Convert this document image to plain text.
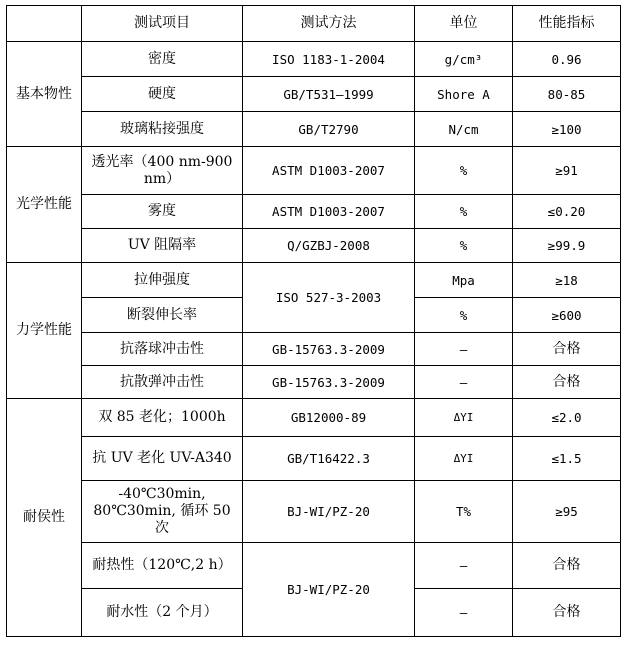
	测试项目	测试方法	单位	性能指标
基本物性	密度	ISO 1183-1-2004	g/cm³	0.96
	硬度	GB/T531—1999	Shore A	80-85
	玻璃粘接强度	GB/T2790	N/cm	≥100
光学性能	透光率（400 nm-900 nm）	ASTM D1003-2007	%	≥91
	雾度	ASTM D1003-2007	%	≤0.20
	UV 阻隔率	Q/GZBJ-2008	%	≥99.9
力学性能	拉伸强度	ISO 527-3-2003	Mpa	≥18
	断裂伸长率		%	≥600
	抗落球冲击性	GB-15763.3-2009	—	合格
	抗散弹冲击性	GB-15763.3-2009	—	合格
耐侯性	双 85 老化；1000h	GB12000-89	ΔYI	≤2.0
	抗 UV 老化 UV-A340	GB/T16422.3	ΔYI	≤1.5
	-40℃30min, 80℃30min, 循环 50 次	BJ-WI/PZ-20	T%	≥95
	耐热性（120℃,2 h）	BJ-WI/PZ-20	—	合格
	耐水性（2 个月）		—	合格
